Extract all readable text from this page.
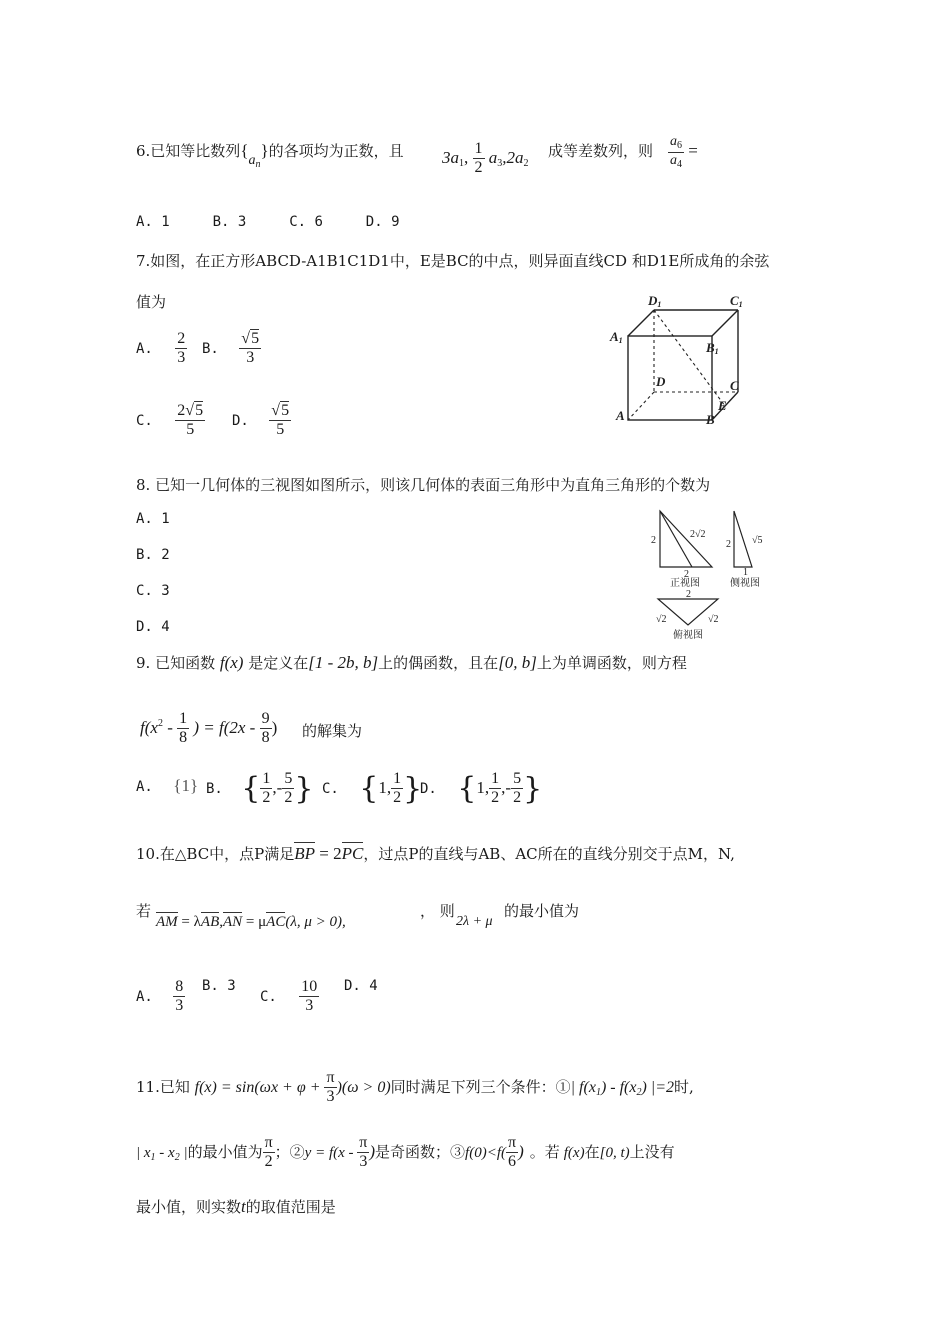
6.已知等比数列$\{a_n\}$的各项均为正数，且 $3a_1$, $\frac{1}{2} a_3,2a_2$
成等差数列，则 $\frac{a_6}{a_4}$ =
A. 1	B. 3	C. 6	D. 9
7.如图，在正方形ABCD-A1B1C1D1中，E是BC的中点，则异面直线CD 和D1E所成角的余弦
值为
A. $\frac{2}{3} B$. $\frac{√5}{3}$
C. $\frac{2√5}{5} D$. $\frac{√5}{5}$
D1	C1
A1	B1
D	C
A	B
E
8. 已知一几何体的三视图如图所示，则该几何体的表面三角形中为直角三角形的个数为
A. 1
B. 2
C. 3
D. 4
2
2
2√2
2
1
√5
2
√2	√2
正视图	侧视图
俯视图
9. 已知函数 f(x) 是定义在[1 - 2b, b]上的偶函数，且在[0, b]上为单调函数，则方程
$f(x^2 - \frac{1}{8}$ ) = $f(2x - \frac{9}{8}$ ) 的解集为
A. {1} B. { $\frac{1}{2}$ ,- $\frac{5}{2}$ } C. {1, $\frac{1}{2}$ }
D. {1, $\frac{1}{2}$ ,- $\frac{5}{2}$ }
10.在△BC中，点P满足BP = 2PC，过点P的直线与AB、AC所在的直线分别交于点M，N,
若
AM = λAB,AN = μAC(λ, μ > 0),
， 则
2λ + μ
的最小值为
A. $\frac{8}{3} B$. 3
C. $\frac{10}{3} D$. 4
11.已知 $f(x) = \sin(\omega x + \varphi + \frac{\pi}{3} )(\omega > 0)$同时满足下列三个条件：①| $f(x_1) - f(x_2)$ |=2时,
| $x_1 - x_2$ |的最小值为 $\frac{\pi}{2}$ ；②y = $f(x - \frac{\pi}{3}$ )是奇函数；③f(0)<f( $\frac{\pi}{6}$ ) 。若 f(x)在[0, t)上没有
最小值，则实数t的取值范围是
